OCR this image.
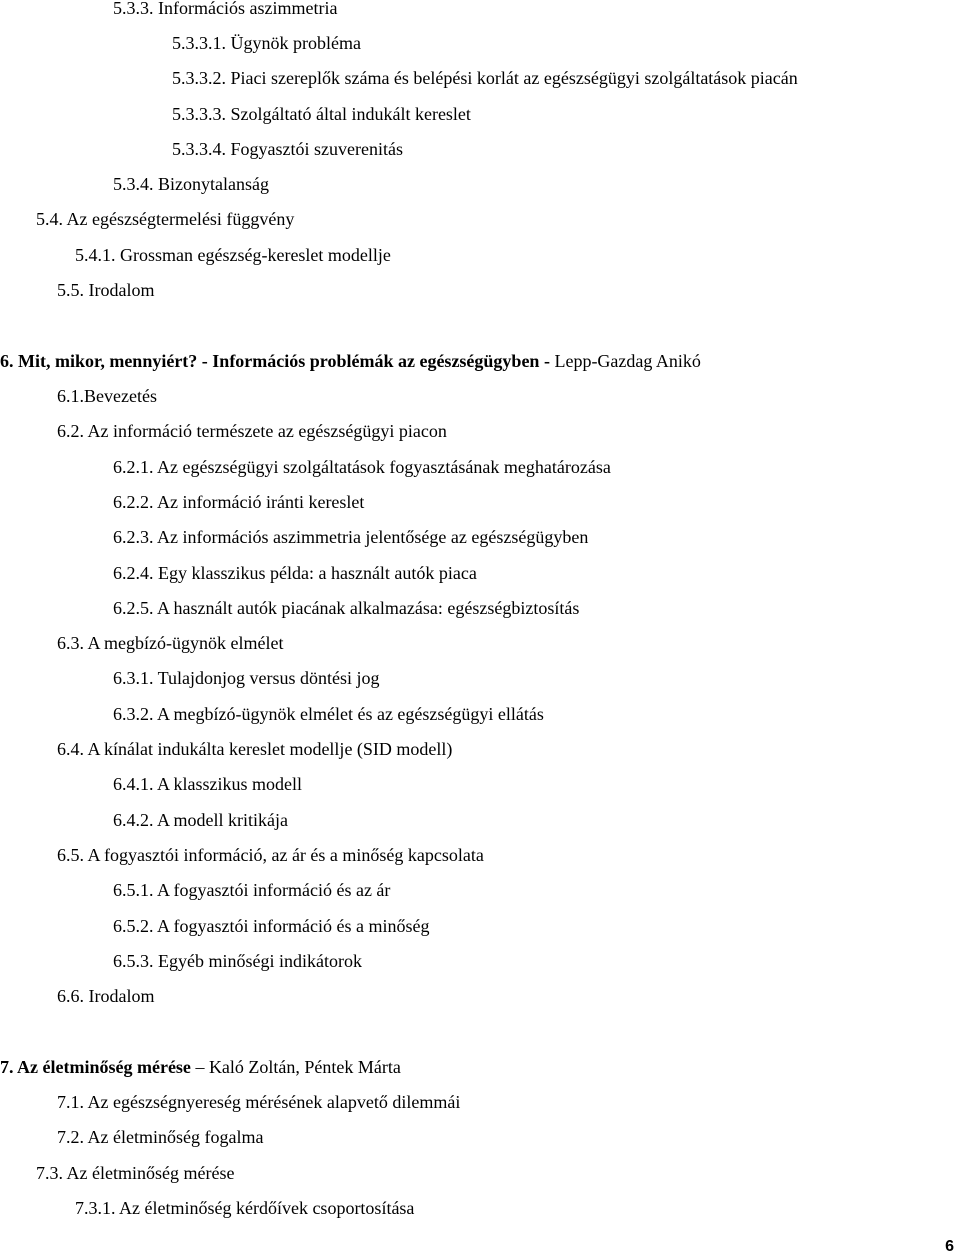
5.3.3. Információs aszimmetria
5.3.3.1. Ügynök probléma
5.3.3.2. Piaci szereplők száma és belépési korlát az egészségügyi szolgáltatások piacán
5.3.3.3. Szolgáltató által indukált kereslet
5.3.3.4. Fogyasztói szuverenitás
5.3.4. Bizonytalanság
5.4. Az egészségtermelési függvény
5.4.1. Grossman egészség-kereslet modellje
5.5. Irodalom
6. Mit, mikor, mennyiért? - Információs problémák az egészségügyben - Lepp-Gazdag Anikó
6.1.Bevezetés
6.2. Az információ természete az egészségügyi piacon
6.2.1. Az egészségügyi szolgáltatások fogyasztásának meghatározása
6.2.2. Az információ iránti kereslet
6.2.3. Az információs aszimmetria jelentősége az egészségügyben
6.2.4. Egy klasszikus példa: a használt autók piaca
6.2.5. A használt autók piacának alkalmazása: egészségbiztosítás
6.3. A megbízó-ügynök elmélet
6.3.1. Tulajdonjog versus döntési jog
6.3.2. A megbízó-ügynök elmélet és az egészségügyi ellátás
6.4. A kínálat indukálta kereslet modellje (SID modell)
6.4.1. A klasszikus modell
6.4.2. A modell kritikája
6.5. A fogyasztói információ, az ár és a minőség kapcsolata
6.5.1. A fogyasztói információ és az ár
6.5.2. A fogyasztói információ és a minőség
6.5.3. Egyéb minőségi indikátorok
6.6. Irodalom
7. Az életminőség mérése – Kaló Zoltán, Péntek Márta
7.1. Az egészségnyereség mérésének alapvető dilemmái
7.2. Az életminőség fogalma
7.3. Az életminőség mérése
7.3.1. Az életminőség kérdőívek csoportosítása
6
